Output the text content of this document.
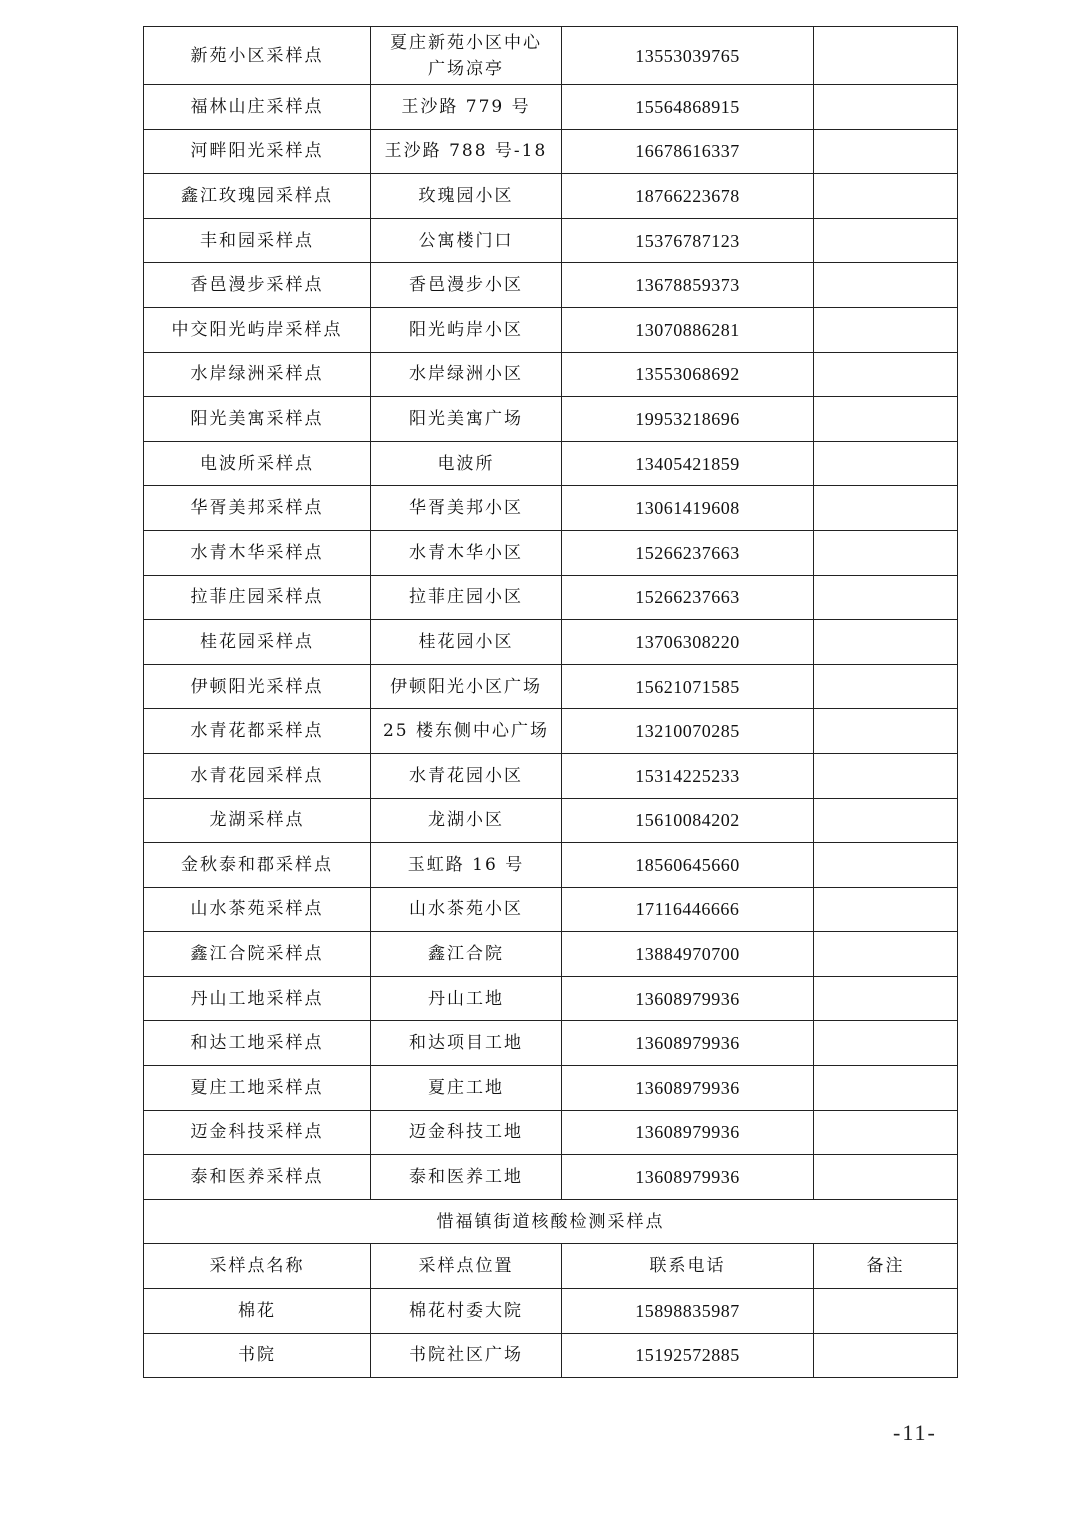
新苑小区采样点	夏庄新苑小区中心广场凉亭	13553039765	
福林山庄采样点	王沙路 779 号	15564868915	
河畔阳光采样点	王沙路 788 号-18	16678616337	
鑫江玫瑰园采样点	玫瑰园小区	18766223678	
丰和园采样点	公寓楼门口	15376787123	
香邑漫步采样点	香邑漫步小区	13678859373	
中交阳光屿岸采样点	阳光屿岸小区	13070886281	
水岸绿洲采样点	水岸绿洲小区	13553068692	
阳光美寓采样点	阳光美寓广场	19953218696	
电波所采样点	电波所	13405421859	
华胥美邦采样点	华胥美邦小区	13061419608	
水青木华采样点	水青木华小区	15266237663	
拉菲庄园采样点	拉菲庄园小区	15266237663	
桂花园采样点	桂花园小区	13706308220	
伊顿阳光采样点	伊顿阳光小区广场	15621071585	
水青花都采样点	25 楼东侧中心广场	13210070285	
水青花园采样点	水青花园小区	15314225233	
龙湖采样点	龙湖小区	15610084202	
金秋泰和郡采样点	玉虹路 16 号	18560645660	
山水茶苑采样点	山水茶苑小区	17116446666	
鑫江合院采样点	鑫江合院	13884970700	
丹山工地采样点	丹山工地	13608979936	
和达工地采样点	和达项目工地	13608979936	
夏庄工地采样点	夏庄工地	13608979936	
迈金科技采样点	迈金科技工地	13608979936	
泰和医养采样点	泰和医养工地	13608979936	
惜福镇街道核酸检测采样点			
采样点名称	采样点位置	联系电话	备注
棉花	棉花村委大院	15898835987	
书院	书院社区广场	15192572885	
-11-
